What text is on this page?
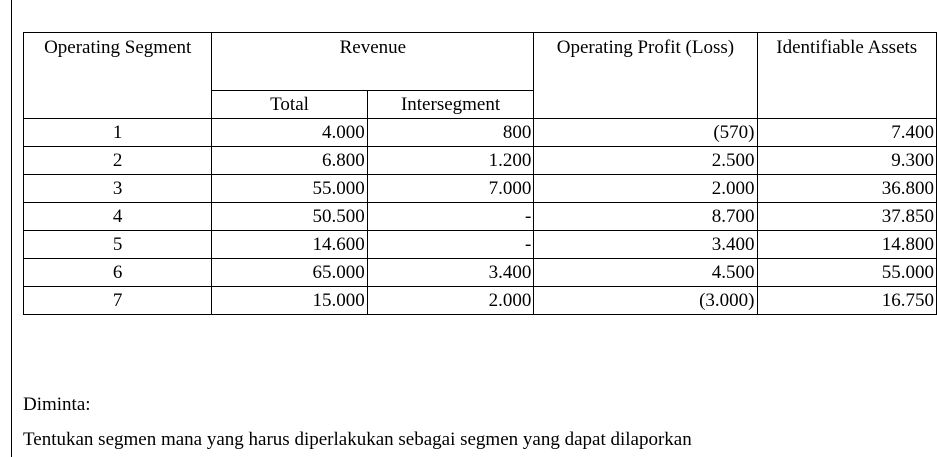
Operating Segment	Revenue		Operating Profit (Loss)	Identifiable Assets
	Total	Intersegment		
1	4.000	800	(570)	7.400
2	6.800	1.200	2.500	9.300
3	55.000	7.000	2.000	36.800
4	50.500	-	8.700	37.850
5	14.600	-	3.400	14.800
6	65.000	3.400	4.500	55.000
7	15.000	2.000	(3.000)	16.750
Diminta:
Tentukan segmen mana yang harus diperlakukan sebagai segmen yang dapat dilaporkan
